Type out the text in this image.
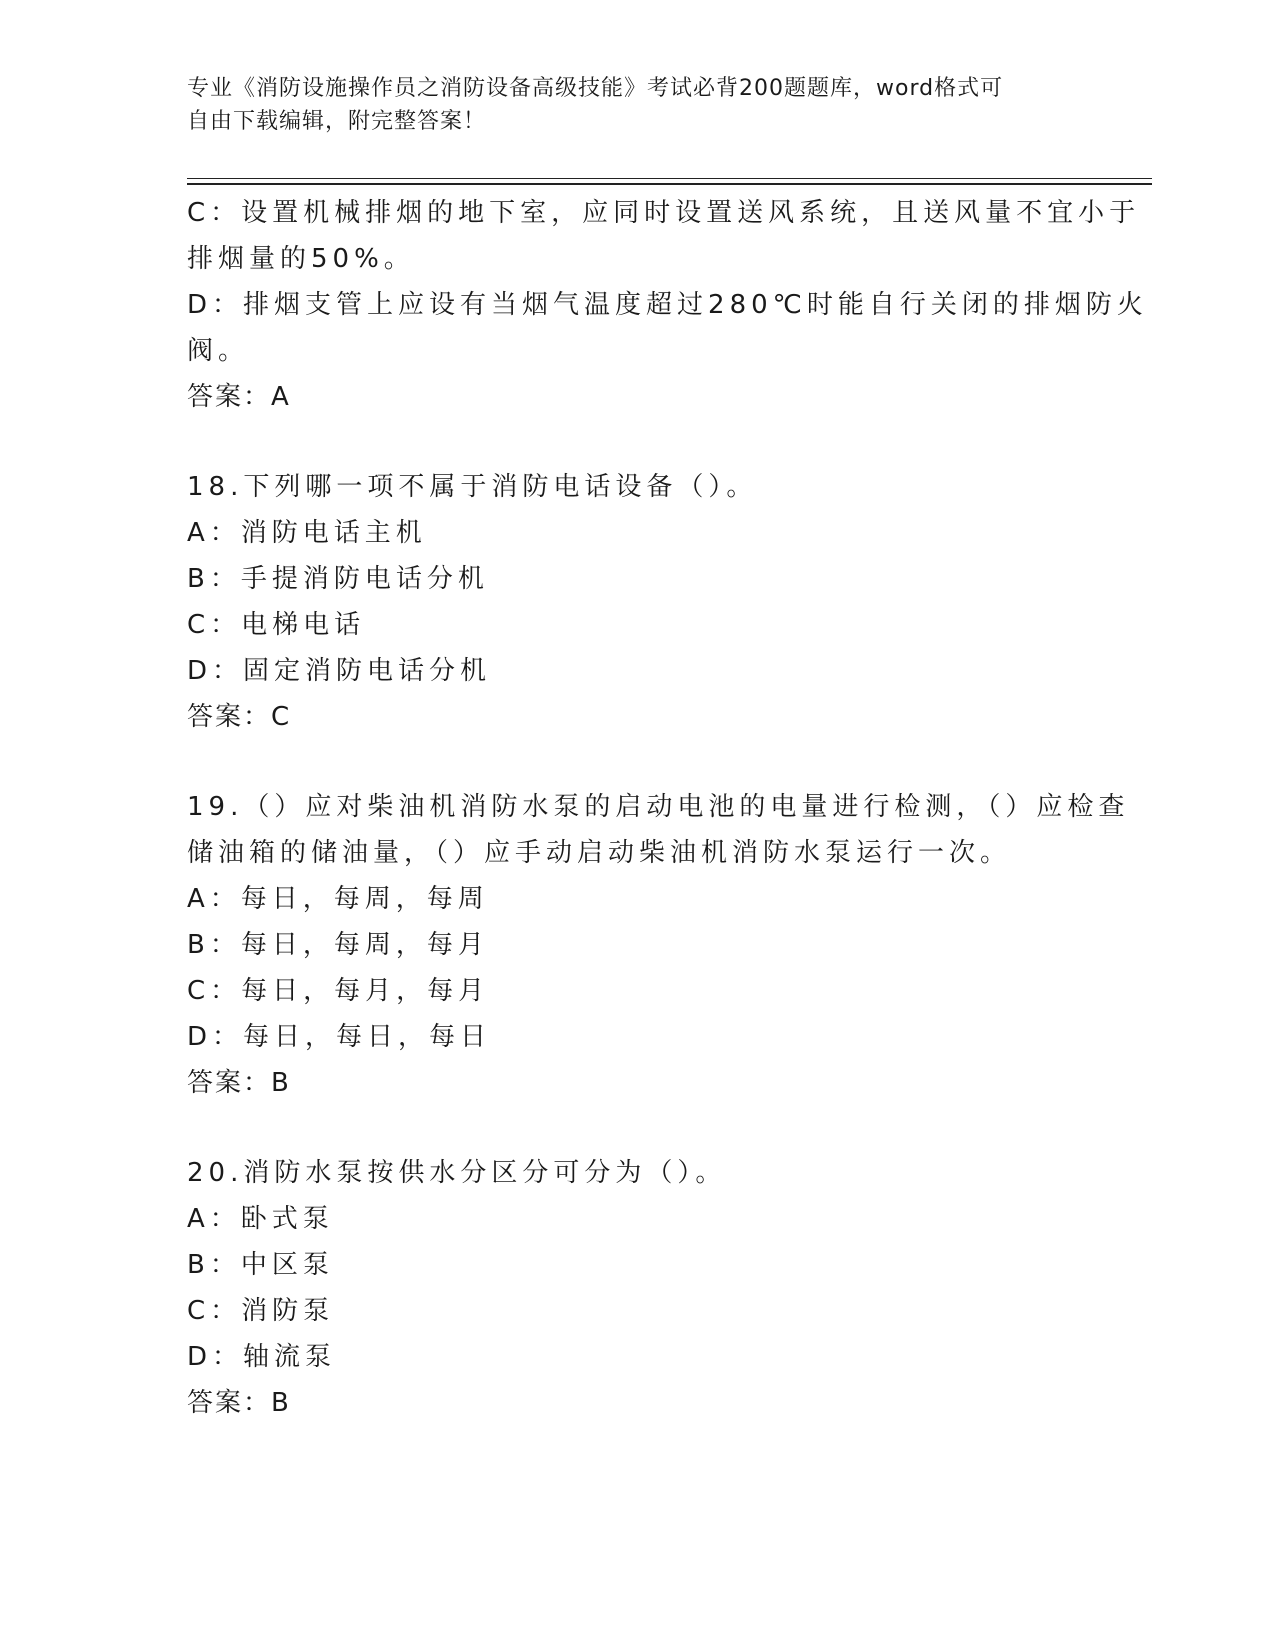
专业《消防设施操作员之消防设备高级技能》考试必背200题题库，word格式可
自由下载编辑，附完整答案！
C：设置机械排烟的地下室，应同时设置送风系统，且送风量不宜小于
排烟量的50%。
D：排烟支管上应设有当烟气温度超过280℃时能自行关闭的排烟防火
阀。
答案：A
18.下列哪一项不属于消防电话设备（）。
A：消防电话主机
B：手提消防电话分机
C：电梯电话
D：固定消防电话分机
答案：C
19.（）应对柴油机消防水泵的启动电池的电量进行检测，（）应检查
储油箱的储油量，（）应手动启动柴油机消防水泵运行一次。
A：每日，每周，每周
B：每日，每周，每月
C：每日，每月，每月
D：每日，每日，每日
答案：B
20.消防水泵按供水分区分可分为（）。
A：卧式泵
B：中区泵
C：消防泵
D：轴流泵
答案：B
